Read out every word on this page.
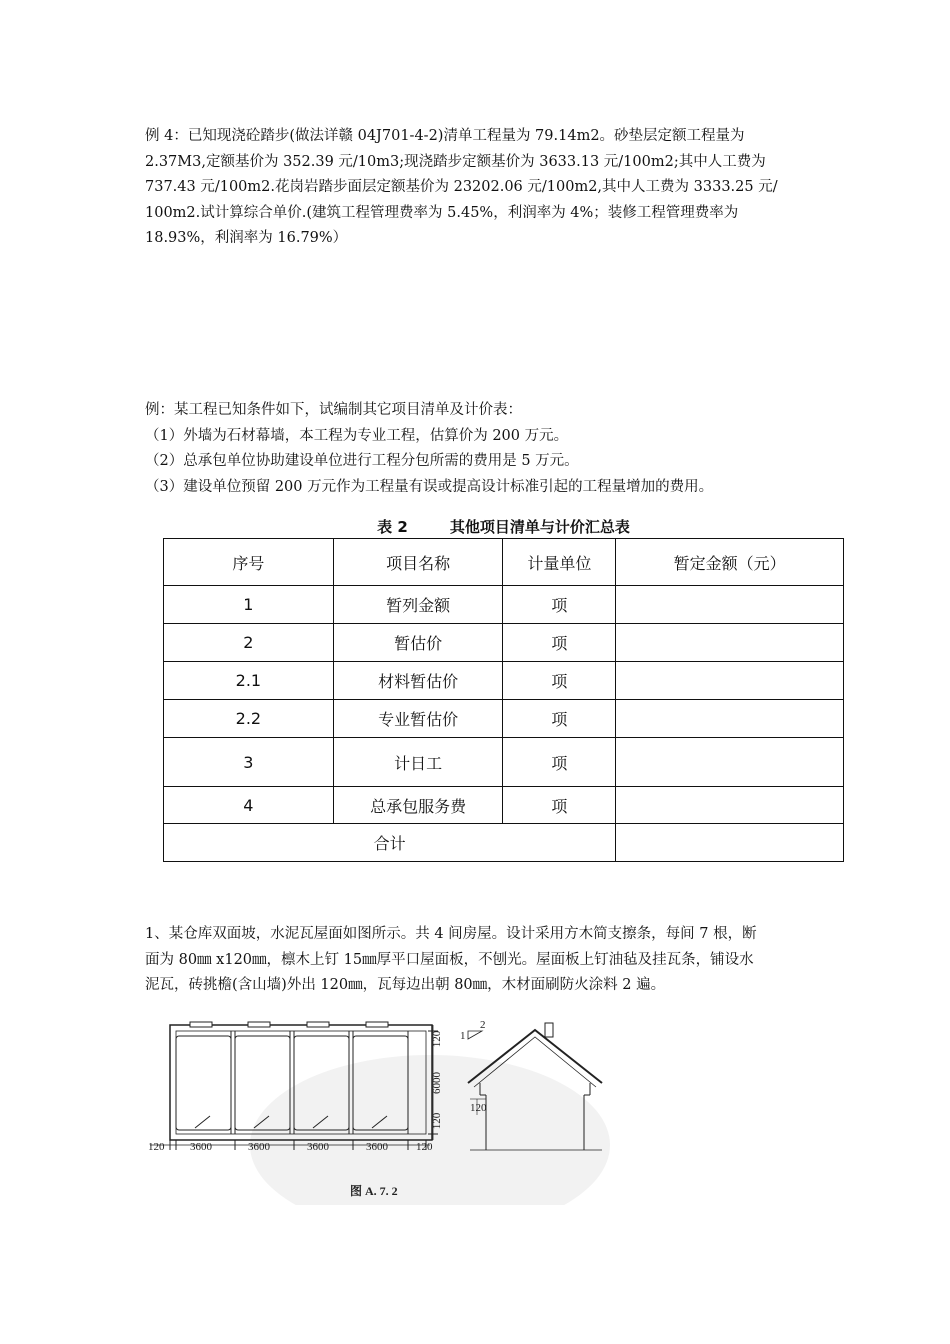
例 4：已知现浇砼踏步(做法详赣 04J701-4-2)清单工程量为 79.14m2。砂垫层定额工程量为
2.37M3,定额基价为 352.39 元/10m3;现浇踏步定额基价为 3633.13 元/100m2;其中人工费为
737.43 元/100m2.花岗岩踏步面层定额基价为 23202.06 元/100m2,其中人工费为 3333.25 元/
100m2.试计算综合单价.(建筑工程管理费率为 5.45%，利润率为 4%；装修工程管理费率为
18.93%，利润率为 16.79%）
例：某工程已知条件如下，试编制其它项目清单及计价表：
（1）外墙为石材幕墙，本工程为专业工程，估算价为 200 万元。
（2）总承包单位协助建设单位进行工程分包所需的费用是 5 万元。
（3）建设单位预留 200 万元作为工程量有误或提高设计标准引起的工程量增加的费用。
表 2	其他项目清单与计价汇总表
序号	项目名称	计量单位	暂定金额（元）
1	暂列金额	项	
2	暂估价	项	
2.1	材料暂估价	项	
2.2	专业暂估价	项	
3	计日工	项	
4	总承包服务费	项	
合计			
1、某仓库双面坡，水泥瓦屋面如图所示。共 4 间房屋。设计采用方木简支擦条，每间 7 根，断
面为 80㎜ x120㎜，檩木上钉 15㎜厚平口屋面板，不刨光。屋面板上钉油毡及挂瓦条，铺设水
泥瓦，砖挑檐(含山墙)外出 120㎜，瓦每边出朝 80㎜，木材面刷防火涂料 2 遍。
120 3600	3600	3600	3600	120
120
6000
120
2
1
120
图 A. 7. 2
